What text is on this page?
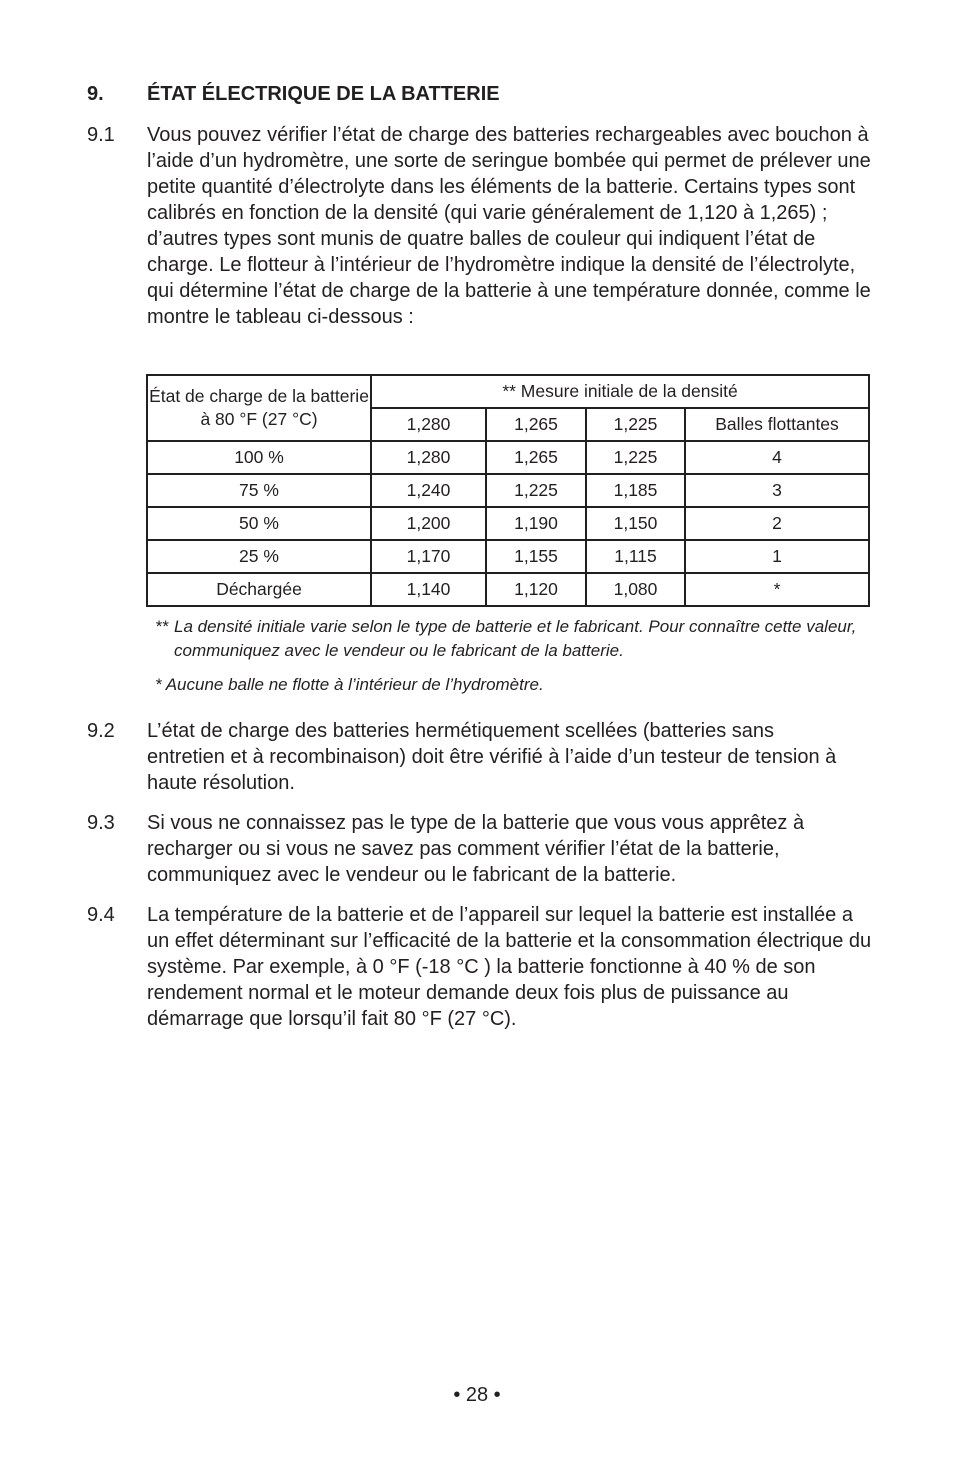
9.	ÉTAT ÉLECTRIQUE DE LA BATTERIE
9.1	Vous pouvez vérifier l’état de charge des batteries rechargeables avec bouchon à l’aide d’un hydromètre, une sorte de seringue bombée qui permet de prélever une petite quantité d’électrolyte dans les éléments de la batterie. Certains types sont calibrés en fonction de la densité (qui varie généralement de 1,120 à 1,265) ; d’autres types sont munis de quatre balles de couleur qui indiquent l’état de charge. Le flotteur à l’intérieur de l’hydromètre indique la densité de l’électrolyte, qui détermine l’état de charge de la batterie à une température donnée, comme le montre le tableau ci-dessous :
État de charge de la batterie à 80 °F (27 °C)	** Mesure initiale de la densité			
	1,280	1,265	1,225	Balles flottantes
100 %	1,280	1,265	1,225	4
75 %	1,240	1,225	1,185	3
50 %	1,200	1,190	1,150	2
25 %	1,170	1,155	1,115	1
Déchargée	1,140	1,120	1,080	*
** La densité initiale varie selon le type de batterie et le fabricant. Pour connaître cette valeur, communiquez avec le vendeur ou le fabricant de la batterie.
* Aucune balle ne flotte à l’intérieur de l’hydromètre.
9.2	L’état de charge des batteries hermétiquement scellées (batteries sans entretien et à recombinaison) doit être vérifié à l’aide d’un testeur de tension à haute résolution.
9.3	Si vous ne connaissez pas le type de la batterie que vous vous apprêtez à recharger ou si vous ne savez pas comment vérifier l’état de la batterie, communiquez avec le vendeur ou le fabricant de la batterie.
9.4	La température de la batterie et de l’appareil sur lequel la batterie est installée a un effet déterminant sur l’efficacité de la batterie et la consommation électrique du système. Par exemple, à 0 °F (-18 °C ) la batterie fonctionne à 40 % de son rendement normal et le moteur demande deux fois plus de puissance au démarrage que lorsqu’il fait 80 °F (27 °C).
• 28 •
